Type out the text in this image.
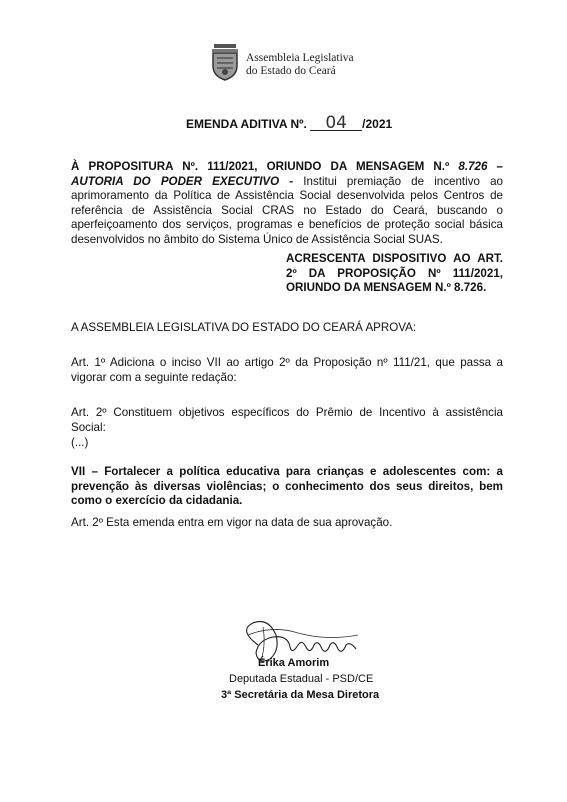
Assembleia Legislativa
do Estado do Ceará
EMENDA ADITIVA Nº. 04 /2021
À PROPOSITURA Nº. 111/2021, ORIUNDO DA MENSAGEM N.º 8.726 – AUTORIA DO PODER EXECUTIVO - Institui premiação de incentivo ao aprimoramento da Política de Assistência Social desenvolvida pelos Centros de referência de Assistência Social CRAS no Estado do Ceará, buscando o aperfeiçoamento dos serviços, programas e benefícios de proteção social básica desenvolvidos no âmbito do Sistema Único de Assistência Social SUAS.
ACRESCENTA DISPOSITIVO AO ART. 2º DA PROPOSIÇÃO Nº 111/2021, ORIUNDO DA MENSAGEM N.º 8.726.
A ASSEMBLEIA LEGISLATIVA DO ESTADO DO CEARÁ APROVA:
Art. 1º Adiciona o inciso VII ao artigo 2º da Proposição nº 111/21, que passa a vigorar com a seguinte redação:
Art. 2º Constituem objetivos específicos do Prêmio de Incentivo à assistência Social:
(...)
VII – Fortalecer a política educativa para crianças e adolescentes com: a prevenção às diversas violências; o conhecimento dos seus direitos, bem como o exercício da cidadania.
Art. 2º Esta emenda entra em vigor na data de sua aprovação.
Érika Amorim
Deputada Estadual - PSD/CE
3ª Secretária da Mesa Diretora
